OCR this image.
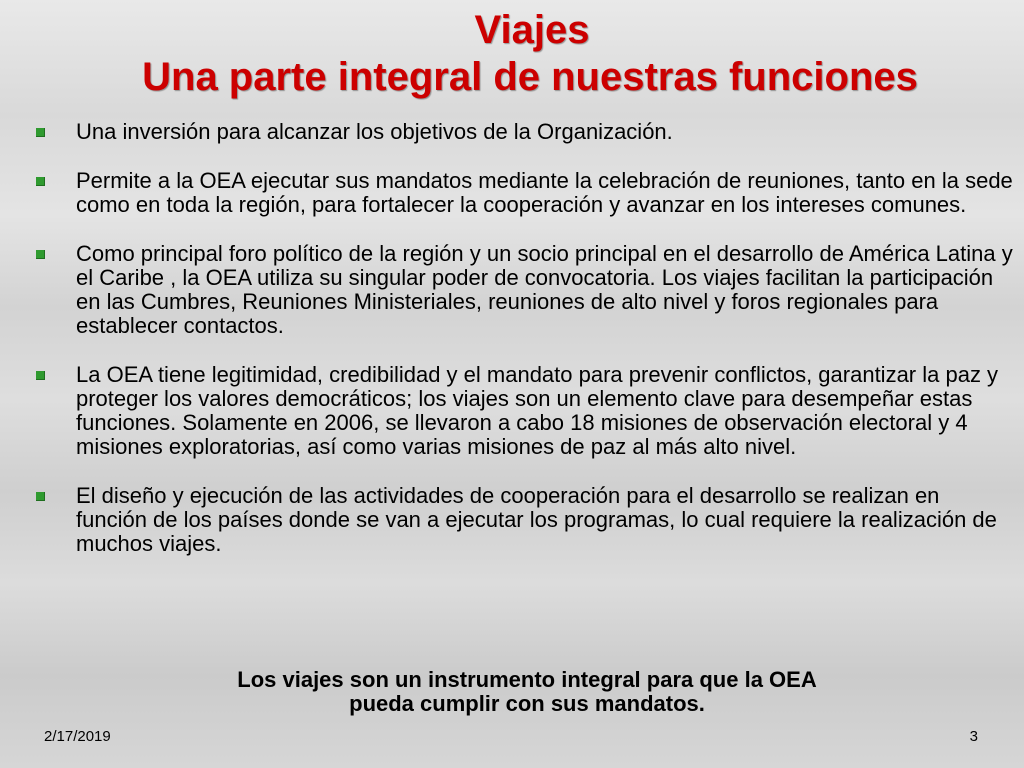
Viajes
Una parte integral de nuestras funciones
Una inversión para alcanzar los objetivos de la Organización.
Permite a la OEA ejecutar sus mandatos mediante la celebración de reuniones, tanto en la sede como en toda la región, para fortalecer la cooperación y avanzar en los intereses comunes.
Como principal foro político de la región y un socio principal en el desarrollo de América Latina y el Caribe , la OEA utiliza su singular poder de convocatoria. Los viajes facilitan la participación en las Cumbres, Reuniones Ministeriales, reuniones de alto nivel y foros regionales para establecer contactos.
La OEA tiene legitimidad, credibilidad y el mandato para prevenir conflictos, garantizar la paz y proteger los valores democráticos; los viajes son un elemento clave para desempeñar estas funciones. Solamente en 2006, se llevaron a cabo 18 misiones de observación electoral y 4 misiones exploratorias, así como varias misiones de paz al más alto nivel.
El diseño y ejecución de las actividades de cooperación para el desarrollo se realizan en función de los países donde se van a ejecutar los programas, lo cual requiere la realización de muchos viajes.
Los viajes son un instrumento integral para que la OEA
pueda cumplir con sus mandatos.
2/17/2019	3
